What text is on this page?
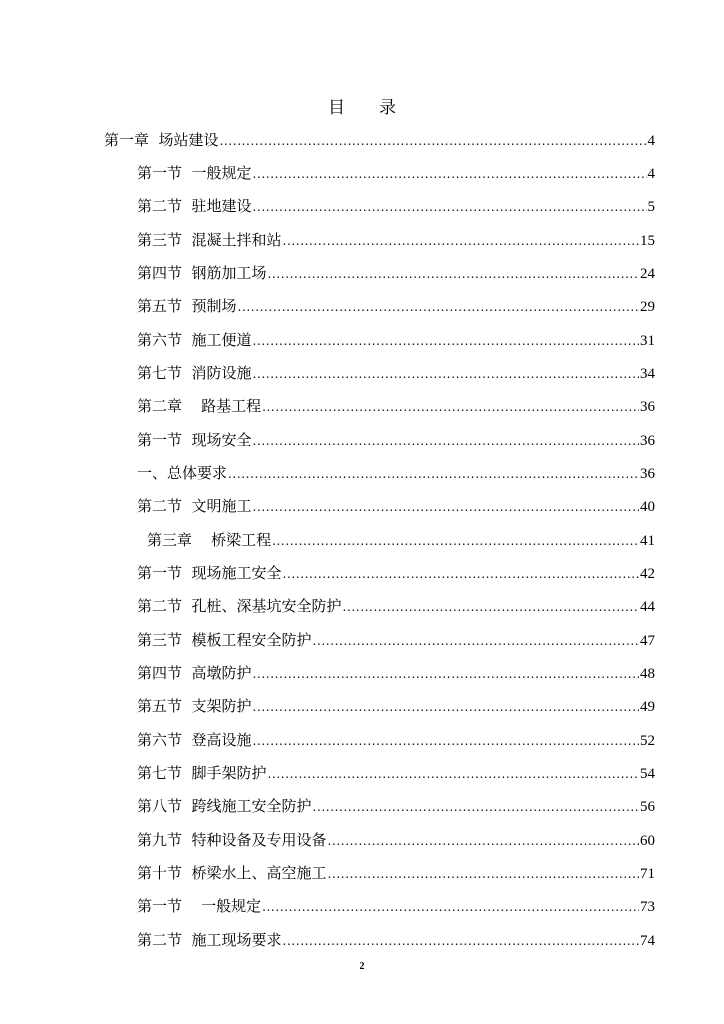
目 录
第一章  场站建设 .....	4
第一节  一般规定 .....	4
第二节  驻地建设 .....	5
第三节  混凝土拌和站 .....	15
第四节  钢筋加工场 .....	24
第五节  预制场 .....	29
第六节  施工便道 .....	31
第七节  消防设施 .....	34
第二章    路基工程 .....	36
第一节  现场安全 .....	36
一、总体要求 .....	36
第二节  文明施工 .....	40
第三章    桥梁工程 .....	41
第一节  现场施工安全 .....	42
第二节  孔桩、深基坑安全防护 .....	44
第三节  模板工程安全防护 .....	47
第四节  高墩防护 .....	48
第五节  支架防护 .....	49
第六节  登高设施 .....	52
第七节  脚手架防护 .....	54
第八节  跨线施工安全防护 .....	56
第九节  特种设备及专用设备 .....	60
第十节  桥梁水上、高空施工 .....	71
第一节    一般规定 .....	73
第二节  施工现场要求 .....	74
2
